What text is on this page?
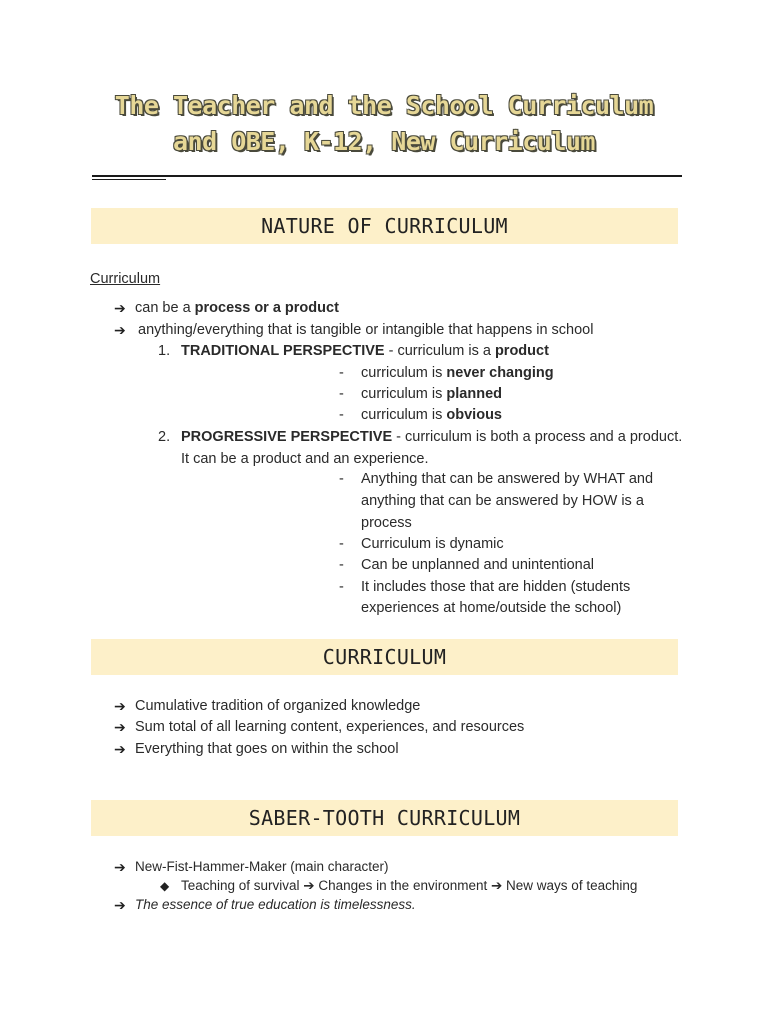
The Teacher and the School Curriculum
and OBE, K-12, New Curriculum
NATURE OF CURRICULUM
Curriculum
➔ can be a process or a product
➔ anything/everything that is tangible or intangible that happens in school
1. TRADITIONAL PERSPECTIVE - curriculum is a product
- curriculum is never changing
- curriculum is planned
- curriculum is obvious
2. PROGRESSIVE PERSPECTIVE - curriculum is both a process and a product.
It can be a product and an experience.
- Anything that can be answered by WHAT and
anything that can be answered by HOW is a
process
- Curriculum is dynamic
- Can be unplanned and unintentional
- It includes those that are hidden (students
experiences at home/outside the school)
CURRICULUM
➔ Cumulative tradition of organized knowledge
➔ Sum total of all learning content, experiences, and resources
➔ Everything that goes on within the school
SABER-TOOTH CURRICULUM
➔ New-Fist-Hammer-Maker (main character)
◆ Teaching of survival ➔ Changes in the environment ➔ New ways of teaching
➔ The essence of true education is timelessness.
